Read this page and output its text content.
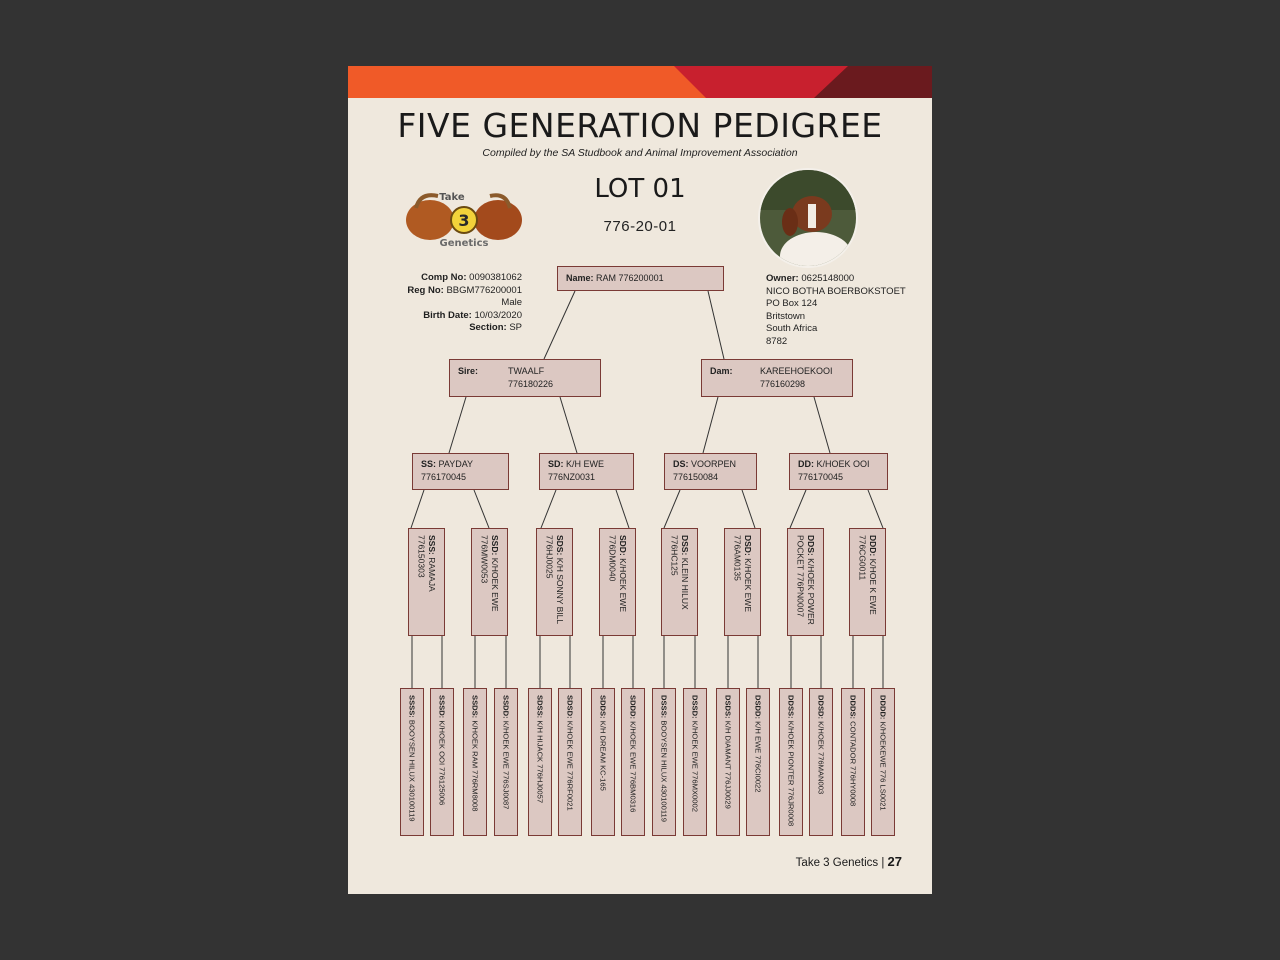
FIVE GENERATION PEDIGREE
Compiled by the SA Studbook and Animal Improvement Association
LOT 01
776-20-01
3
Take
Genetics
Comp No: 0090381062
Reg No: BBGM776200001
Male
Birth Date: 10/03/2020
Section: SP
Owner: 0625148000
NICO BOTHA BOERBOKSTOET
PO Box 124
Britstown
South Africa
8782
Name: RAM 776200001
Sire:	TWAALF
776180226
Dam:	KAREEHOEKOOI
776160298
SS: PAYDAY
776170045
SD: K/H EWE
776NZ0031
DS: VOORPEN
776150084
DD: K/HOEK OOI
776170045
SSS: RAMAJA 776150303	SSD: K/HOEK EWE 776MW0053	SDS: K/H SONNY BILL 776HJ0025	SDD: K/HOEK EWE 776DM0040	DSS: KLEIN HILUX 776HC125	DSD: K/HOEK EWE 776AM0135	DDS: K/HOEK POWER POCKET 776PN0007	DDD: K/HOE K EWE 776CG0011
SSSS: BOOYSEN HILUX 430100119
SSSD: K/HOEK OOI 776125006
SSDS: K/HOEK RAM 776RM8008
SSDD: K/HOEK EWE 776SJ0087
SDSS: K/H HIJACK 776HJ0057
SDSD: K/HOEK EWE 776RF0021
SDDS: K/H DREAM KC-165
SDDD: K/HOEK EWE 776BM0316
DSSS: BOOYSEN HILUX 430100119
DSSD: K/HOEK EWE 776MX0002
DSDS: K/H DIAMANT 776JJ0029
DSDD: K/H EWE 776CI0022
DDSS: K/HOEK PIONTER 776JR0008
DDSD: K/HOEK 776MAN003
DDDS: CONTADOR 776HY0008
DDDD: K/HOEKEWE 776 LS0021
Take 3 Genetics | 27
